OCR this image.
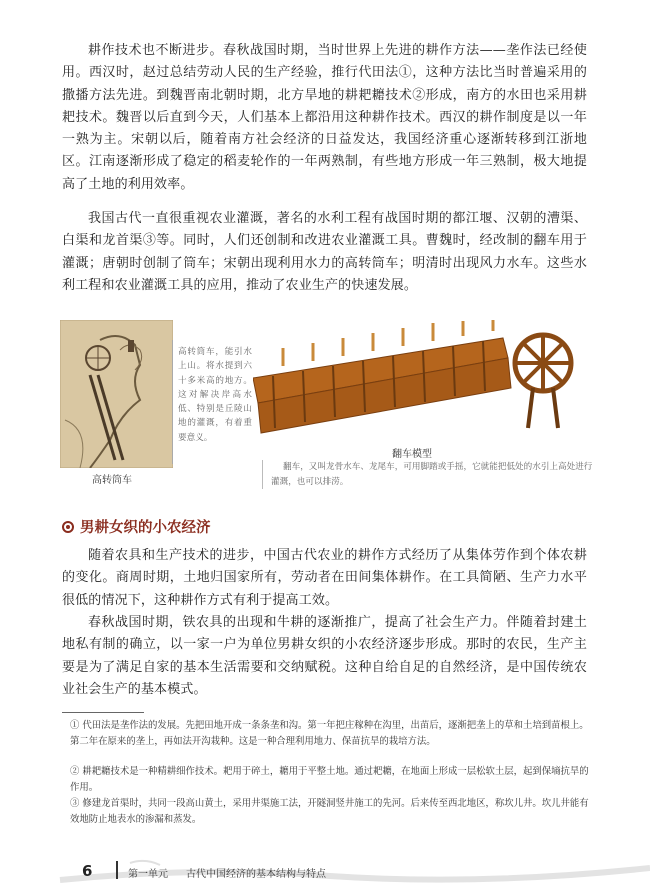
耕作技术也不断进步。春秋战国时期，当时世界上先进的耕作方法——垄作法已经使用。西汉时，赵过总结劳动人民的生产经验，推行代田法①，这种方法比当时普遍采用的撒播方法先进。到魏晋南北朝时期，北方旱地的耕耙耱技术②形成，南方的水田也采用耕耙技术。魏晋以后直到今天，人们基本上都沿用这种耕作技术。西汉的耕作制度是以一年一熟为主。宋朝以后，随着南方社会经济的日益发达，我国经济重心逐渐转移到江浙地区。江南逐渐形成了稳定的稻麦轮作的一年两熟制，有些地方形成一年三熟制，极大地提高了土地的利用效率。

我国古代一直很重视农业灌溉，著名的水利工程有战国时期的都江堰、汉朝的漕渠、白渠和龙首渠③等。同时，人们还创制和改进农业灌溉工具。曹魏时，经改制的翻车用于灌溉；唐朝时创制了筒车；宋朝出现利用水力的高转筒车；明清时出现风力水车。这些水利工程和农业灌溉工具的应用，推动了农业生产的快速发展。

高转筒车，能引水上山。将水提到六十多米高的地方。这对解决岸高水低、特别是丘陵山地的灌溉，有着重要意义。
高转筒车
翻车模型
翻车，又叫龙骨水车、龙尾车，可用脚踏或手摇，它就能把低处的水引上高处进行灌溉，也可以排涝。
男耕女织的小农经济

随着农具和生产技术的进步，中国古代农业的耕作方式经历了从集体劳作到个体农耕的变化。商周时期，土地归国家所有，劳动者在田间集体耕作。在工具简陋、生产力水平很低的情况下，这种耕作方式有利于提高工效。

春秋战国时期，铁农具的出现和牛耕的逐渐推广，提高了社会生产力。伴随着封建土地私有制的确立，以一家一户为单位男耕女织的小农经济逐步形成。那时的农民，生产主要是为了满足自家的基本生活需要和交纳赋税。这种自给自足的自然经济，是中国传统农业社会生产的基本模式。

① 代田法是垄作法的发展。先把田地开成一条条垄和沟。第一年把庄稼种在沟里，出苗后，逐渐把垄上的草和土培到苗根上。第二年在原来的垄上，再如法开沟栽种。这是一种合理利用地力、保苗抗旱的栽培方法。

② 耕耙耱技术是一种精耕细作技术。耙用于碎土，耱用于平整土地。通过耙耱，在地面上形成一层松软土层，起到保墒抗旱的作用。

③ 修建龙首渠时，共同一段高山黄土，采用井渠施工法，开隧洞竖井施工的先河。后来传至西北地区，称坎儿井。坎儿井能有效地防止地表水的渗漏和蒸发。

6	第一单元 古代中国经济的基本结构与特点
